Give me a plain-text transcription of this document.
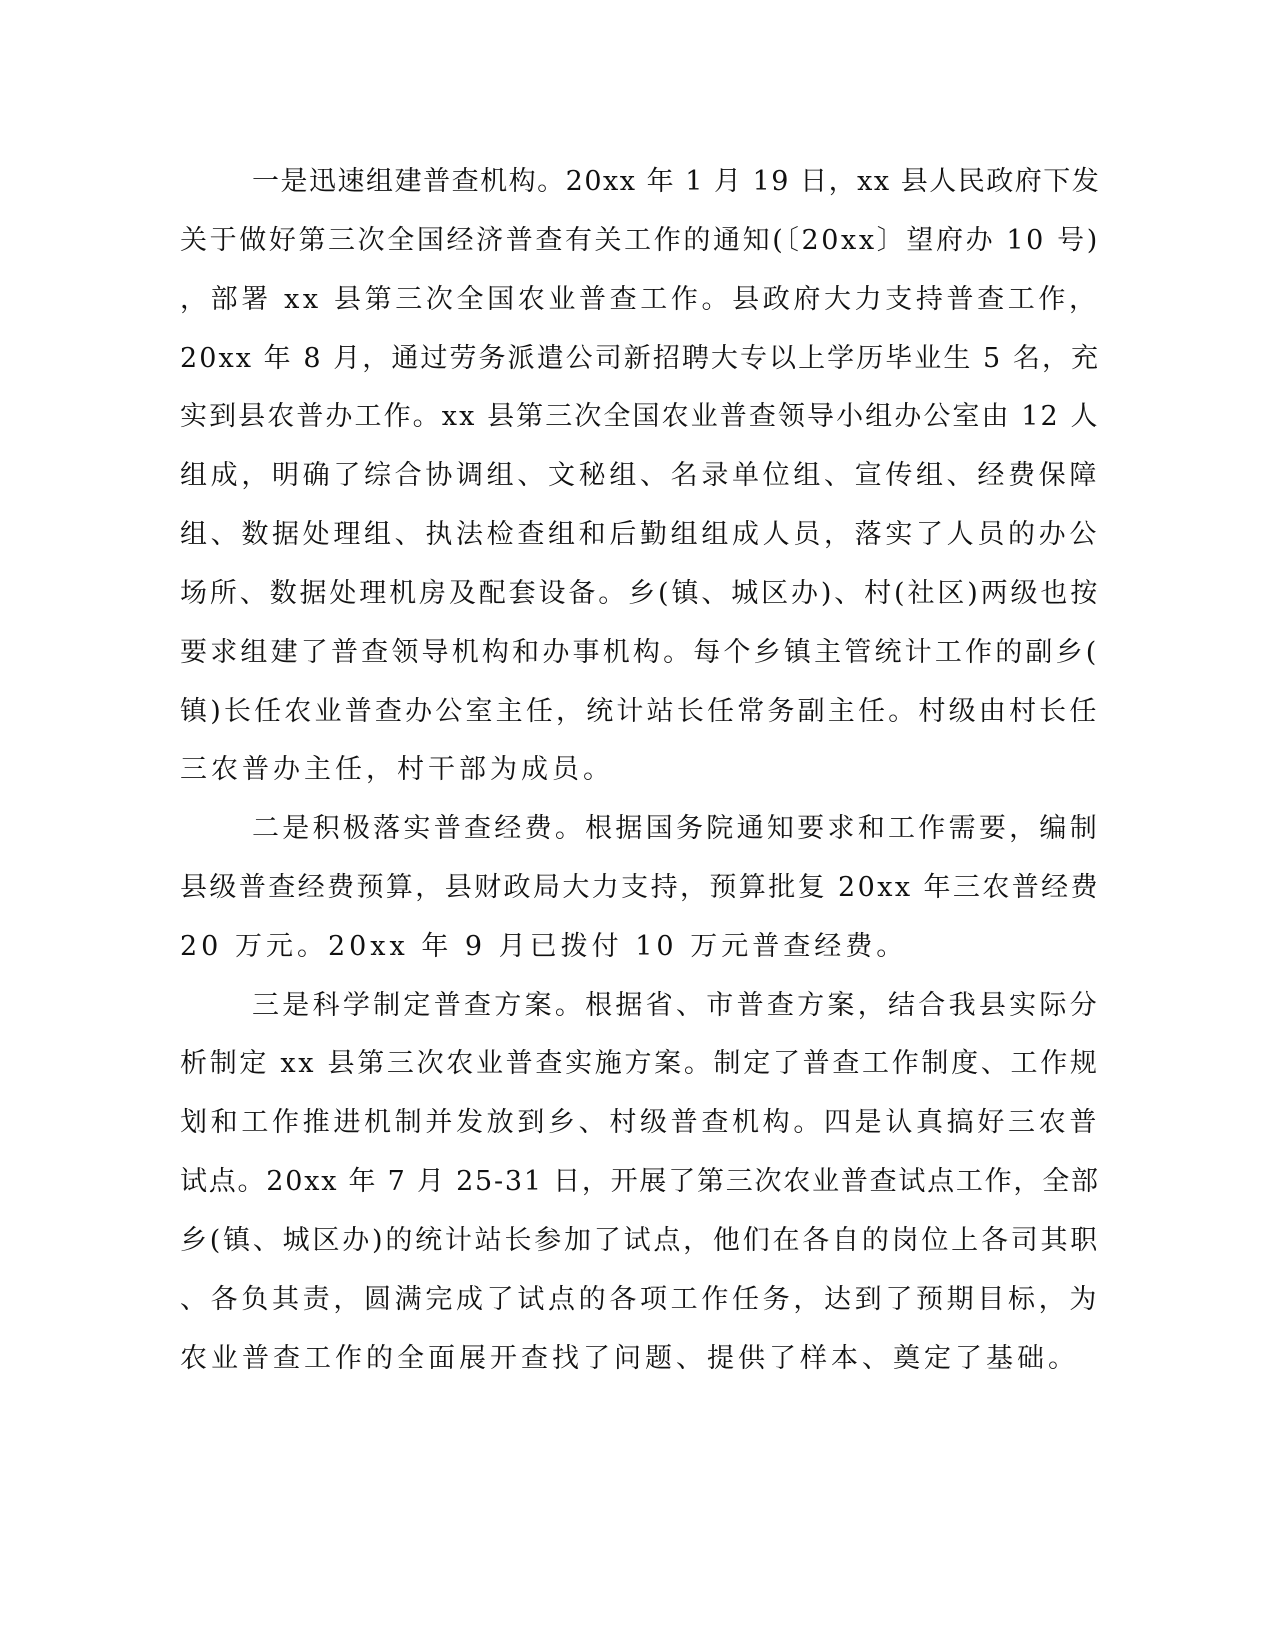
一是迅速组建普查机构。20xx 年 1 月 19 日，xx 县人民政府下发
关于做好第三次全国经济普查有关工作的通知(〔20xx〕望府办 10 号)
，部署 xx 县第三次全国农业普查工作。县政府大力支持普查工作，
20xx 年 8 月，通过劳务派遣公司新招聘大专以上学历毕业生 5 名，充
实到县农普办工作。xx 县第三次全国农业普查领导小组办公室由 12 人
组成，明确了综合协调组、文秘组、名录单位组、宣传组、经费保障
组、数据处理组、执法检查组和后勤组组成人员，落实了人员的办公
场所、数据处理机房及配套设备。乡(镇、城区办)、村(社区)两级也按
要求组建了普查领导机构和办事机构。每个乡镇主管统计工作的副乡(
镇)长任农业普查办公室主任，统计站长任常务副主任。村级由村长任
三农普办主任，村干部为成员。
二是积极落实普查经费。根据国务院通知要求和工作需要，编制
县级普查经费预算，县财政局大力支持，预算批复 20xx 年三农普经费
20 万元。20xx 年 9 月已拨付 10 万元普查经费。
三是科学制定普查方案。根据省、市普查方案，结合我县实际分
析制定 xx 县第三次农业普查实施方案。制定了普查工作制度、工作规
划和工作推进机制并发放到乡、村级普查机构。四是认真搞好三农普
试点。20xx 年 7 月 25-31 日，开展了第三次农业普查试点工作，全部
乡(镇、城区办)的统计站长参加了试点，他们在各自的岗位上各司其职
、各负其责，圆满完成了试点的各项工作任务，达到了预期目标，为
农业普查工作的全面展开查找了问题、提供了样本、奠定了基础。
